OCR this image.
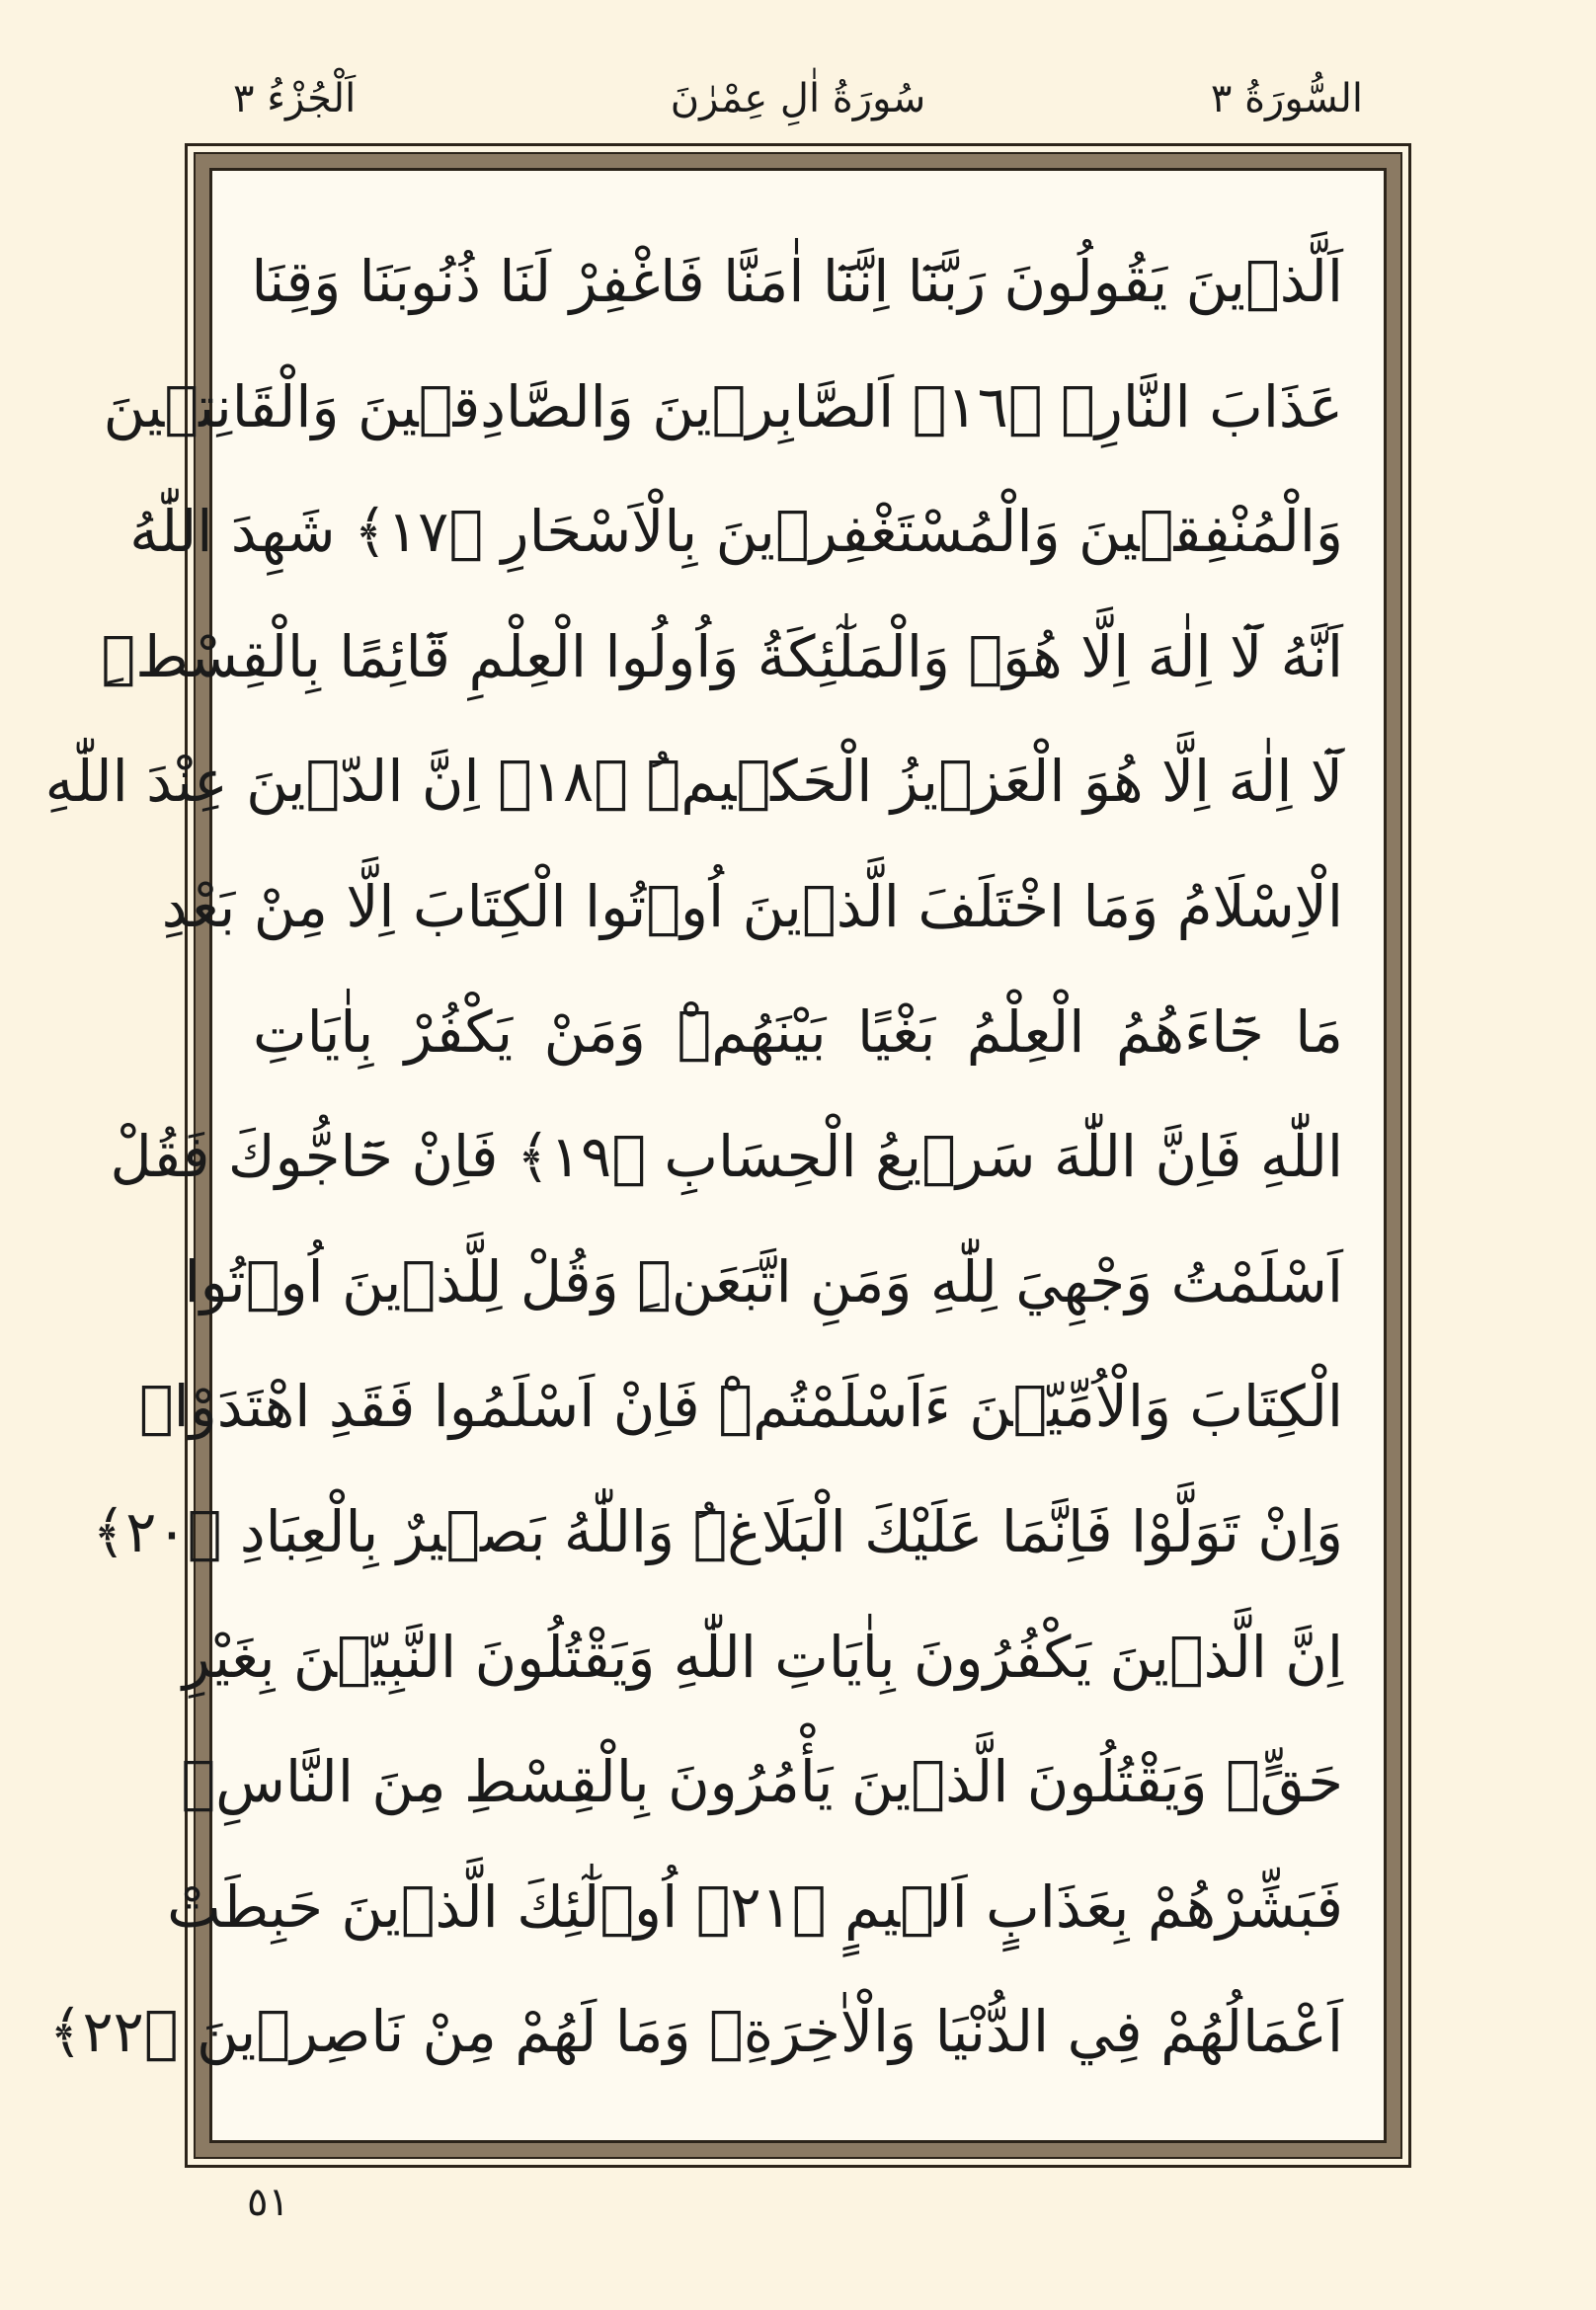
السُّورَةُ ٣
سُورَةُ اٰلِ عِمْرٰنَ
اَلْجُزْءُ ٣
اَلَّذ۪ينَ يَقُولُونَ رَبَّنَٓا اِنَّنَٓا اٰمَنَّا فَاغْفِرْ لَنَا ذُنُوبَنَا وَقِنَا
عَذَابَ النَّارِۚ ﴿١٦﴾ اَلصَّابِر۪ينَ وَالصَّادِق۪ينَ وَالْقَانِت۪ينَ
وَالْمُنْفِق۪ينَ وَالْمُسْتَغْفِر۪ينَ بِالْاَسْحَارِ ﴿١٧﴾ شَهِدَ اللّٰهُ
اَنَّهُ لَٓا اِلٰهَ اِلَّا هُوَۙ وَالْمَلٰٓئِكَةُ وَاُولُوا الْعِلْمِ قَٓائِمًا بِالْقِسْطِۜ
لَٓا اِلٰهَ اِلَّا هُوَ الْعَز۪يزُ الْحَك۪يمُۜ ﴿١٨﴾ اِنَّ الدّ۪ينَ عِنْدَ اللّٰهِ
الْاِسْلَامُ وَمَا اخْتَلَفَ الَّذ۪ينَ اُو۫تُوا الْكِتَابَ اِلَّا مِنْ بَعْدِ
مَا جَٓاءَهُمُ الْعِلْمُ بَغْيًا بَيْنَهُمْۜ وَمَنْ يَكْفُرْ بِاٰيَاتِ
اللّٰهِ فَاِنَّ اللّٰهَ سَر۪يعُ الْحِسَابِ ﴿١٩﴾ فَاِنْ حَٓاجُّوكَ فَقُلْ
اَسْلَمْتُ وَجْهِيَ لِلّٰهِ وَمَنِ اتَّبَعَنِۜ وَقُلْ لِلَّذ۪ينَ اُو۫تُوا
الْكِتَابَ وَالْاُمِّيّ۪نَ ءَاَسْلَمْتُمْۜ فَاِنْ اَسْلَمُوا فَقَدِ اهْتَدَوْاۚ
وَاِنْ تَوَلَّوْا فَاِنَّمَا عَلَيْكَ الْبَلَاغُۜ وَاللّٰهُ بَص۪يرٌ بِالْعِبَادِ ﴿٢٠﴾
اِنَّ الَّذ۪ينَ يَكْفُرُونَ بِاٰيَاتِ اللّٰهِ وَيَقْتُلُونَ النَّبِيّ۪نَ بِغَيْرِ
حَقٍّۙ وَيَقْتُلُونَ الَّذ۪ينَ يَأْمُرُونَ بِالْقِسْطِ مِنَ النَّاسِۙ
فَبَشِّرْهُمْ بِعَذَابٍ اَل۪يمٍ ﴿٢١﴾ اُو۬لٰٓئِكَ الَّذ۪ينَ حَبِطَتْ
اَعْمَالُهُمْ فِي الدُّنْيَا وَالْاٰخِرَةِۘ وَمَا لَهُمْ مِنْ نَاصِر۪ينَ ﴿٢٢﴾
٥١
